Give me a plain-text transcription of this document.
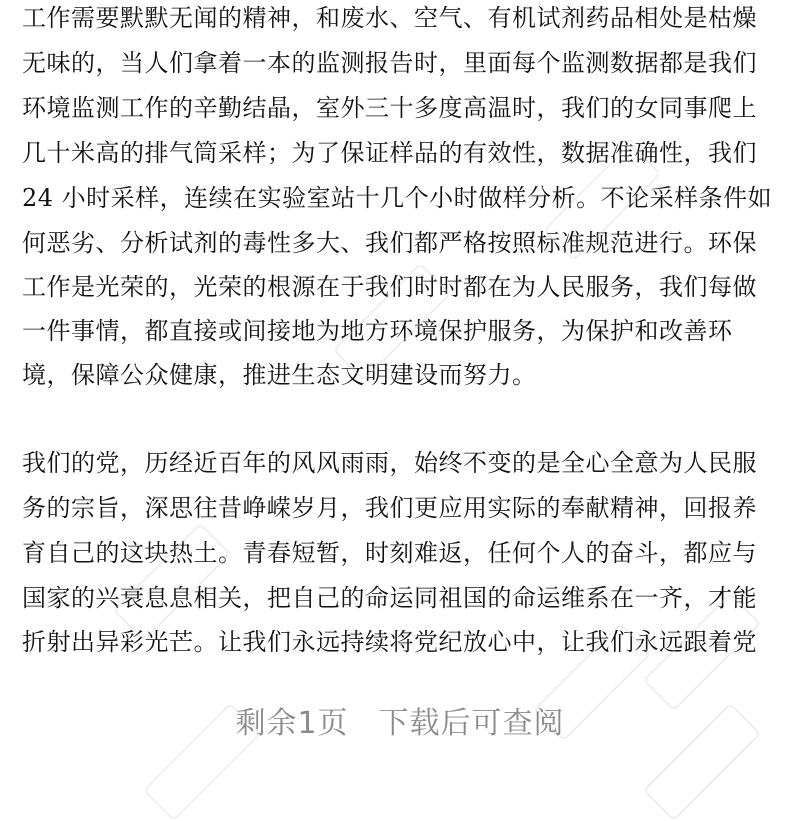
工作需要默默无闻的精神，和废水、空气、有机试剂药品相处是枯燥
无味的，当人们拿着一本的监测报告时，里面每个监测数据都是我们
环境监测工作的辛勤结晶，室外三十多度高温时，我们的女同事爬上
几十米高的排气筒采样；为了保证样品的有效性，数据准确性，我们
24 小时采样，连续在实验室站十几个小时做样分析。不论采样条件如
何恶劣、分析试剂的毒性多大、我们都严格按照标准规范进行。环保
工作是光荣的，光荣的根源在于我们时时都在为人民服务，我们每做
一件事情，都直接或间接地为地方环境保护服务，为保护和改善环
境，保障公众健康，推进生态文明建设而努力。
我们的党，历经近百年的风风雨雨，始终不变的是全心全意为人民服
务的宗旨，深思往昔峥嵘岁月，我们更应用实际的奉献精神，回报养
育自己的这块热土。青春短暂，时刻难返，任何个人的奋斗，都应与
国家的兴衰息息相关，把自己的命运同祖国的命运维系在一齐，才能
折射出异彩光芒。让我们永远持续将党纪放心中，让我们永远跟着党
剩余1页 下载后可查阅
